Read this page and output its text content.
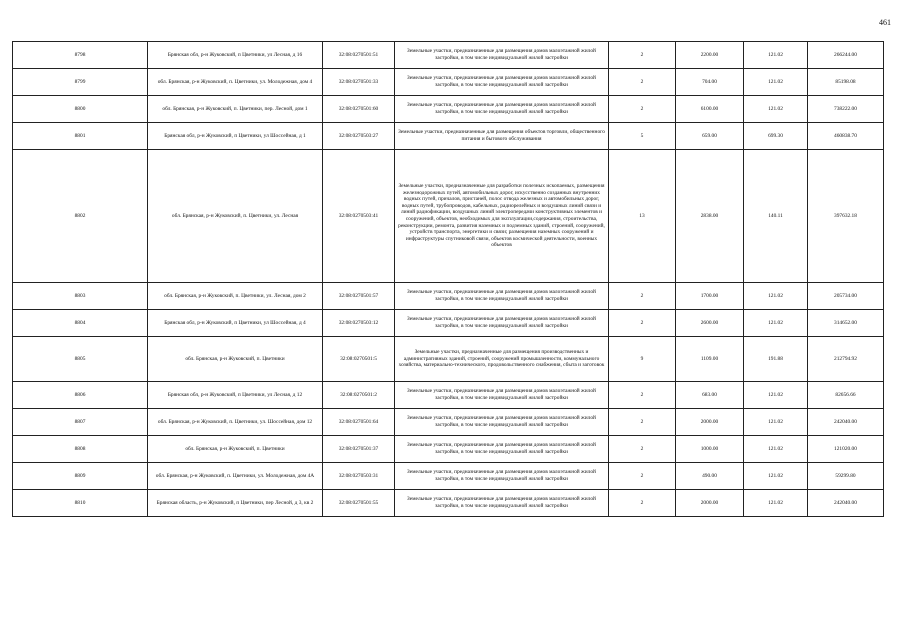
461
8798	Брянская обл, р-н Жуковский, п Цветники, ул Лесная, д 16	32:08:0270501:51	Земельные участки, предназначенные для размещения домов малоэтажной жилой застройки, в том числе индивидуальной жилой застройки	2	2200.00	121.02	266244.00
8799	обл. Брянская, р-н Жуковский, п. Цветники, ул. Молодежная, дом 4	32:08:0270501:33	Земельные участки, предназначенные для размещения домов малоэтажной жилой застройки, в том числе индивидуальной жилой застройки	2	704.00	121.02	85198.08
8800	обл. Брянская, р-н Жуковский, п. Цветники, пер. Лесной, дом 1	32:08:0270501:60	Земельные участки, предназначенные для размещения домов малоэтажной жилой застройки, в том числе индивидуальной жилой застройки	2	6100.00	121.02	738222.00
8801	Брянская обл, р-н Жуковский, п Цветники, ул Шоссейная, д 1	32:08:0270503:27	Земельные участки, предназначенные для размещения объектов торговли, общественного питания и бытового обслуживания	5	659.00	699.30	460838.70
8802	обл. Брянская, р-н Жуковский, п. Цветники, ул. Лесная	32:08:0270503:41	Земельные участки, предназначенные для разработки полезных ископаемых, размещения железнодорожных путей, автомобильных дорог, искусственно созданных внутренних водных путей, причалов, пристаней, полос отвода железных и автомобильных дорог, водных путей, трубопроводов, кабельных, радиорелейных и воздушных линий связи и линий радиофикации, воздушных линий электропередачи конструктивных элементов и сооружений, объектов, необходимых для эксплуатации,содержания, строительства, реконструкции, ремонта, развития наземных и подземных зданий, строений, сооружений, устройств транспорта, энергетики и связи; размещения наземных сооружений и инфраструктуры спутниковой связи, объектов космической деятельности, военных объектов	13	2838.00	140.11	397632.18
8803	обл. Брянская, р-н Жуковский, п. Цветники, ул. Лесная, дом 2	32:08:0270501:57	Земельные участки, предназначенные для размещения домов малоэтажной жилой застройки, в том числе индивидуальной жилой застройки	2	1700.00	121.02	205734.00
8804	Брянская обл, р-н Жуковский, п Цветники, ул Шоссейная, д 4	32:08:0270503:12	Земельные участки, предназначенные для размещения домов малоэтажной жилой застройки, в том числе индивидуальной жилой застройки	2	2600.00	121.02	314652.00
8805	обл. Брянская, р-н Жуковский, п. Цветники	32:08:0270501:5	Земельные участки, предназначенные для размещения производственных и административных зданий, строений, сооружений промышленности, коммунального хозяйства, материально-технического, продовольственного снабжения, сбыта и заготовок	9	1109.00	191.88	212794.92
8806	Брянская обл, р-н Жуковский, п Цветники, ул Лесная, д 12	32:08:0270501:2	Земельные участки, предназначенные для размещения домов малоэтажной жилой застройки, в том числе индивидуальной жилой застройки	2	683.00	121.02	82656.66
8807	обл. Брянская, р-н Жуковский, п. Цветники, ул. Шоссейная, дом 12	32:08:0270501:64	Земельные участки, предназначенные для размещения домов малоэтажной жилой застройки, в том числе индивидуальной жилой застройки	2	2000.00	121.02	242040.00
8808	обл. Брянская, р-н Жуковский, п. Цветники	32:08:0270501:37	Земельные участки, предназначенные для размещения домов малоэтажной жилой застройки, в том числе индивидуальной жилой застройки	2	1000.00	121.02	121020.00
8809	обл. Брянская, р-н Жуковский, п. Цветники, ул. Молодежная, дом 4А	32:08:0270503:31	Земельные участки, предназначенные для размещения домов малоэтажной жилой застройки, в том числе индивидуальной жилой застройки	2	490.00	121.02	59299.80
8810	Брянская область, р-н Жуковский, п Цветники, пер Лесной, д 3, кв 2	32:08:0270501:55	Земельные участки, предназначенные для размещения домов малоэтажной жилой застройки, в том числе индивидуальной жилой застройки	2	2000.00	121.02	242040.00
